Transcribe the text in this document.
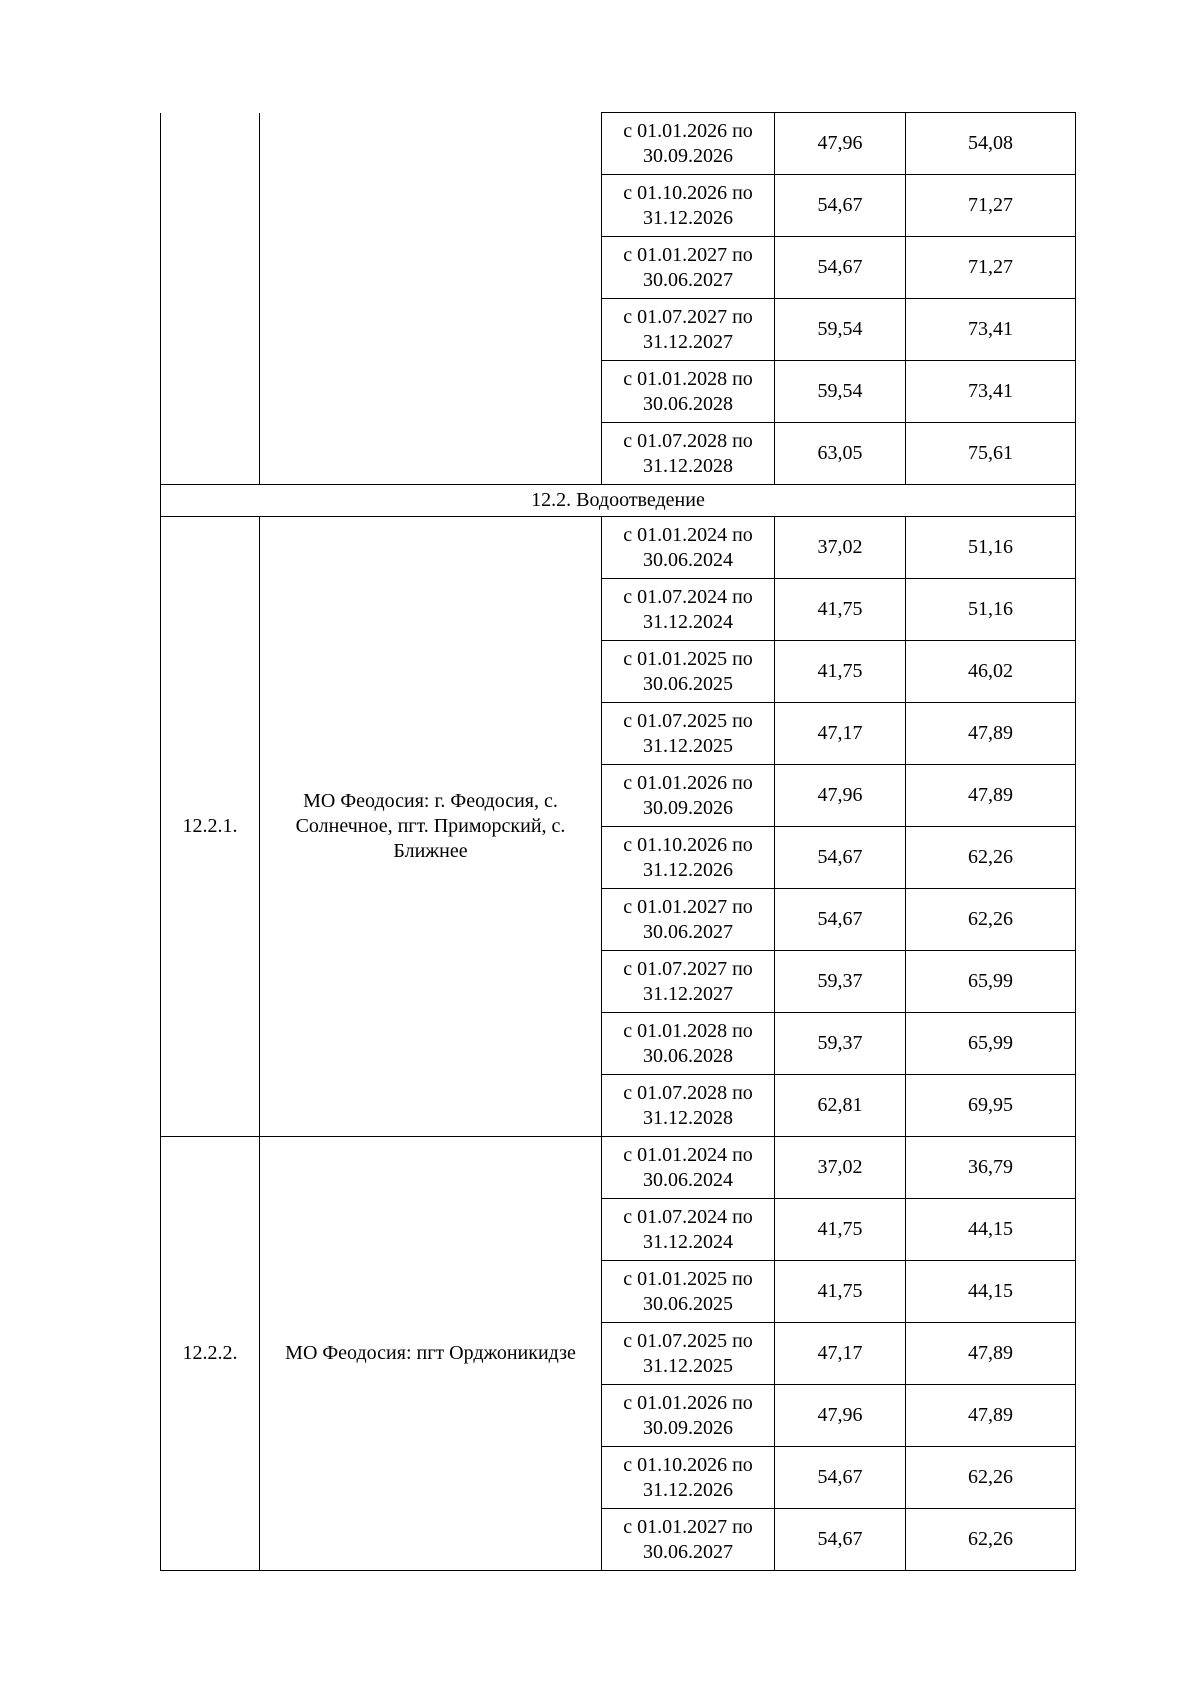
		с 01.01.2026 по 30.09.2026	47,96	54,08
		с 01.10.2026 по 31.12.2026	54,67	71,27
		с 01.01.2027 по 30.06.2027	54,67	71,27
		с 01.07.2027 по 31.12.2027	59,54	73,41
		с 01.01.2028 по 30.06.2028	59,54	73,41
		с 01.07.2028 по 31.12.2028	63,05	75,61
12.2. Водоотведение				
12.2.1.	МО Феодосия: г. Феодосия, с. Солнечное, пгт. Приморский, с. Ближнее	с 01.01.2024 по 30.06.2024	37,02	51,16
		с 01.07.2024 по 31.12.2024	41,75	51,16
		с 01.01.2025 по 30.06.2025	41,75	46,02
		с 01.07.2025 по 31.12.2025	47,17	47,89
		с 01.01.2026 по 30.09.2026	47,96	47,89
		с 01.10.2026 по 31.12.2026	54,67	62,26
		с 01.01.2027 по 30.06.2027	54,67	62,26
		с 01.07.2027 по 31.12.2027	59,37	65,99
		с 01.01.2028 по 30.06.2028	59,37	65,99
		с 01.07.2028 по 31.12.2028	62,81	69,95
12.2.2.	МО Феодосия: пгт Орджоникидзе	с 01.01.2024 по 30.06.2024	37,02	36,79
		с 01.07.2024 по 31.12.2024	41,75	44,15
		с 01.01.2025 по 30.06.2025	41,75	44,15
		с 01.07.2025 по 31.12.2025	47,17	47,89
		с 01.01.2026 по 30.09.2026	47,96	47,89
		с 01.10.2026 по 31.12.2026	54,67	62,26
		с 01.01.2027 по 30.06.2027	54,67	62,26
